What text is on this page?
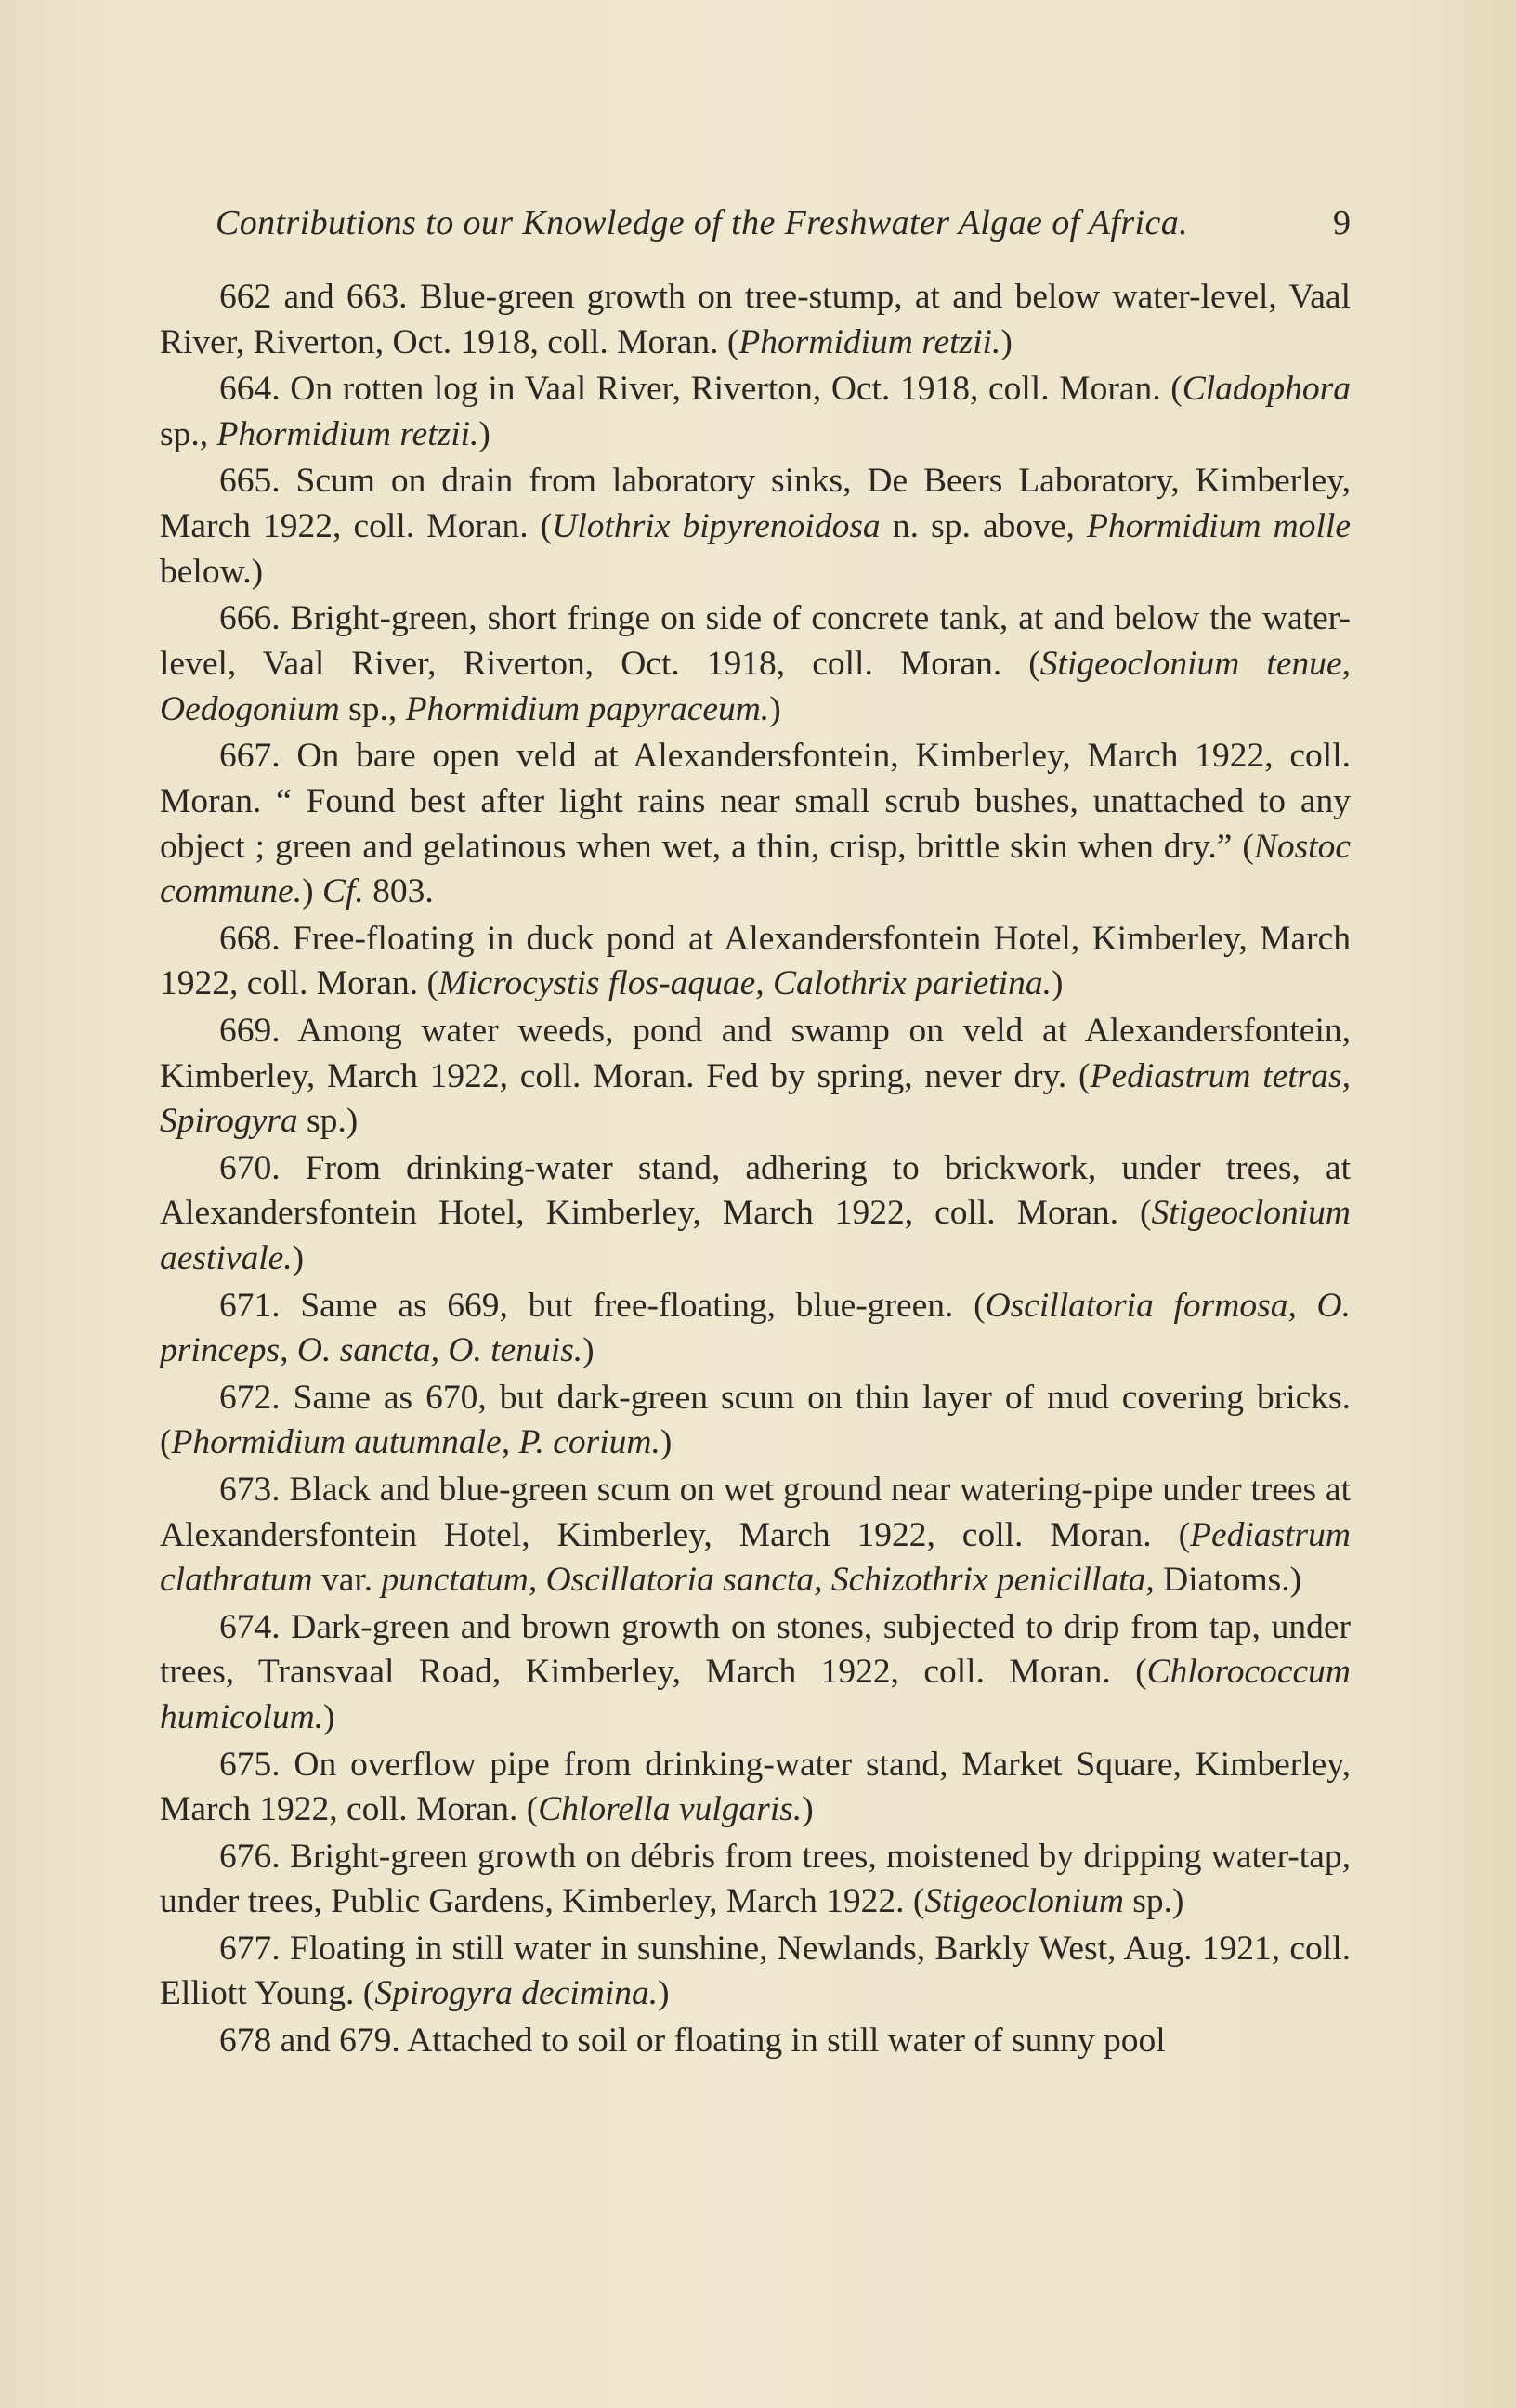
Contributions to our Knowledge of the Freshwater Algae of Africa.	9

662 and 663. Blue-green growth on tree-stump, at and below water-level, Vaal River, Riverton, Oct. 1918, coll. Moran. (Phormidium retzii.)

664. On rotten log in Vaal River, Riverton, Oct. 1918, coll. Moran. (Cladophora sp., Phormidium retzii.)

665. Scum on drain from laboratory sinks, De Beers Laboratory, Kimberley, March 1922, coll. Moran. (Ulothrix bipyrenoidosa n. sp. above, Phormidium molle below.)

666. Bright-green, short fringe on side of concrete tank, at and below the water-level, Vaal River, Riverton, Oct. 1918, coll. Moran. (Stigeoclonium tenue, Oedogonium sp., Phormidium papyraceum.)

667. On bare open veld at Alexandersfontein, Kimberley, March 1922, coll. Moran. “ Found best after light rains near small scrub bushes, unattached to any object ; green and gelatinous when wet, a thin, crisp, brittle skin when dry.” (Nostoc commune.) Cf. 803.

668. Free-floating in duck pond at Alexandersfontein Hotel, Kimberley, March 1922, coll. Moran. (Microcystis flos-aquae, Calothrix parietina.)

669. Among water weeds, pond and swamp on veld at Alexandersfontein, Kimberley, March 1922, coll. Moran. Fed by spring, never dry. (Pediastrum tetras, Spirogyra sp.)

670. From drinking-water stand, adhering to brickwork, under trees, at Alexandersfontein Hotel, Kimberley, March 1922, coll. Moran. (Stigeoclonium aestivale.)

671. Same as 669, but free-floating, blue-green. (Oscillatoria formosa, O. princeps, O. sancta, O. tenuis.)

672. Same as 670, but dark-green scum on thin layer of mud covering bricks. (Phormidium autumnale, P. corium.)

673. Black and blue-green scum on wet ground near watering-pipe under trees at Alexandersfontein Hotel, Kimberley, March 1922, coll. Moran. (Pediastrum clathratum var. punctatum, Oscillatoria sancta, Schizothrix penicillata, Diatoms.)

674. Dark-green and brown growth on stones, subjected to drip from tap, under trees, Transvaal Road, Kimberley, March 1922, coll. Moran. (Chlorococcum humicolum.)

675. On overflow pipe from drinking-water stand, Market Square, Kimberley, March 1922, coll. Moran. (Chlorella vulgaris.)

676. Bright-green growth on débris from trees, moistened by dripping water-tap, under trees, Public Gardens, Kimberley, March 1922. (Stigeoclonium sp.)

677. Floating in still water in sunshine, Newlands, Barkly West, Aug. 1921, coll. Elliott Young. (Spirogyra decimina.)

678 and 679. Attached to soil or floating in still water of sunny pool
